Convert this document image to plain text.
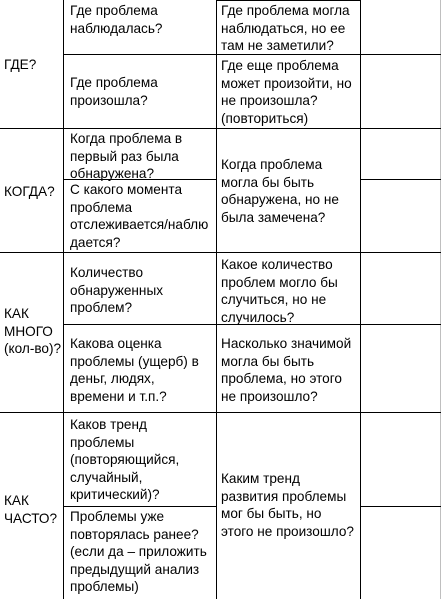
ГДЕ?
Где проблема
наблюдалась?
Где проблема могла
наблюдаться, но ее
там не заметили?
Где проблема
произошла?
Где еще проблема
может произойти, но
не произошла?
(повториться)
КОГДА?
Когда проблема в
первый раз была
обнаружена?
С какого момента
проблема
отслеживается/наблю
дается?
Когда проблема
могла бы быть
обнаружена, но не
была замечена?
КАК
МНОГО
(кол-во)?
Количество
обнаруженных
проблем?
Какое количество
проблем могло бы
случиться, но не
случилось?
Какова оценка
проблемы (ущерб) в
деньг, людях,
времени и т.п.?
Насколько значимой
могла бы быть
проблема, но этого
не произошло?
КАК
ЧАСТО?
Каков тренд
проблемы
(повторяющийся,
случайный,
критический)?
Проблемы уже
повторялась ранее?
(если да – приложить
предыдущий анализ
проблемы)
Каким тренд
развития проблемы
мог бы быть, но
этого не произошло?
